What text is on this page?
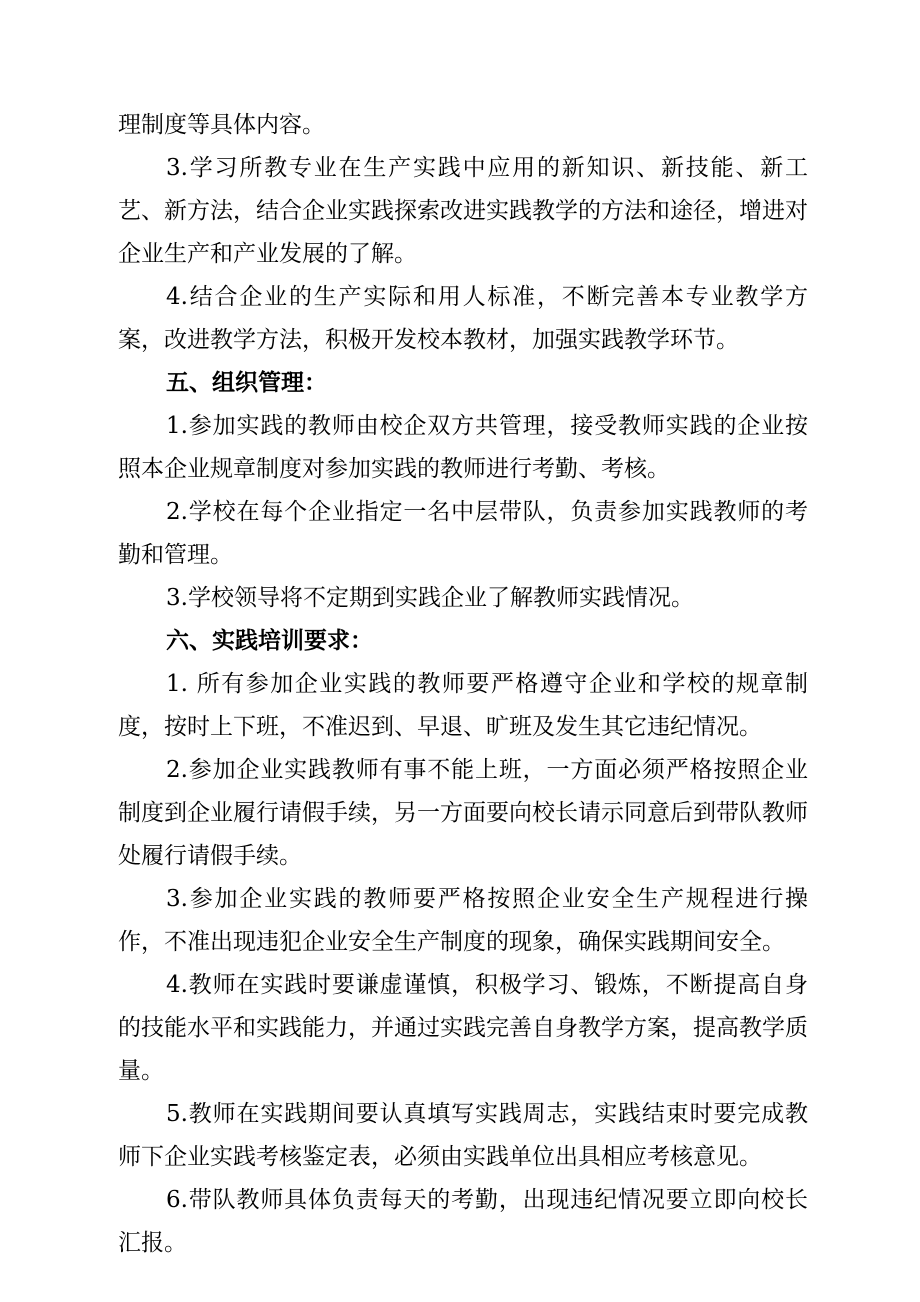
理制度等具体内容。

3.学习所教专业在生产实践中应用的新知识、新技能、新工艺、新方法，结合企业实践探索改进实践教学的方法和途径，增进对企业生产和产业发展的了解。

4.结合企业的生产实际和用人标准，不断完善本专业教学方案，改进教学方法，积极开发校本教材，加强实践教学环节。

五、组织管理：

1.参加实践的教师由校企双方共管理，接受教师实践的企业按照本企业规章制度对参加实践的教师进行考勤、考核。

2.学校在每个企业指定一名中层带队，负责参加实践教师的考勤和管理。

3.学校领导将不定期到实践企业了解教师实践情况。

六、实践培训要求：

1. 所有参加企业实践的教师要严格遵守企业和学校的规章制度，按时上下班，不准迟到、早退、旷班及发生其它违纪情况。

2.参加企业实践教师有事不能上班，一方面必须严格按照企业制度到企业履行请假手续，另一方面要向校长请示同意后到带队教师处履行请假手续。

3.参加企业实践的教师要严格按照企业安全生产规程进行操作，不准出现违犯企业安全生产制度的现象，确保实践期间安全。

4.教师在实践时要谦虚谨慎，积极学习、锻炼，不断提高自身的技能水平和实践能力，并通过实践完善自身教学方案，提高教学质量。

5.教师在实践期间要认真填写实践周志，实践结束时要完成教师下企业实践考核鉴定表，必须由实践单位出具相应考核意见。

6.带队教师具体负责每天的考勤，出现违纪情况要立即向校长汇报。
